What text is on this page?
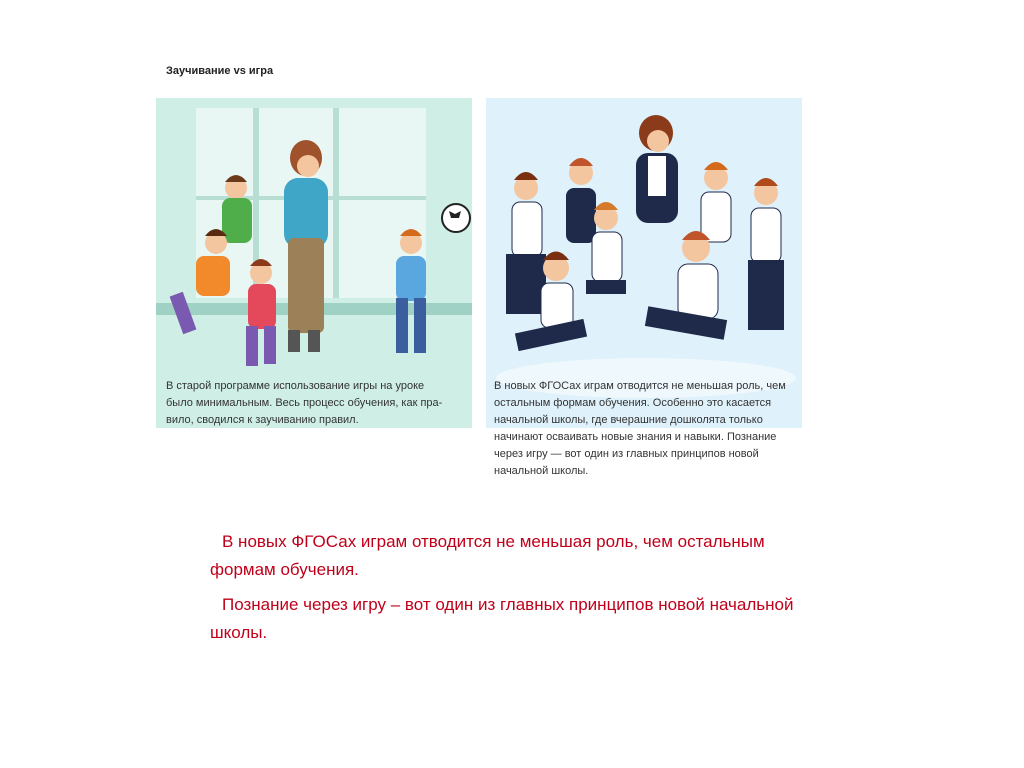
Заучивание vs игра
В старой программе использование игры на уроке
было минимальным. Весь процесс обучения, как пра-
вило, сводился к заучиванию правил.
В новых ФГОСах играм отводится не меньшая роль, чем
остальным формам обучения. Особенно это касается
начальной школы, где вчерашние дошколята только
начинают осваивать новые знания и навыки. Познание
через игру — вот один из главных принципов новой
начальной школы.

В новых ФГОСах играм отводится не меньшая роль, чем остальным формам обучения.

Познание через игру – вот один из главных принципов новой начальной школы.
